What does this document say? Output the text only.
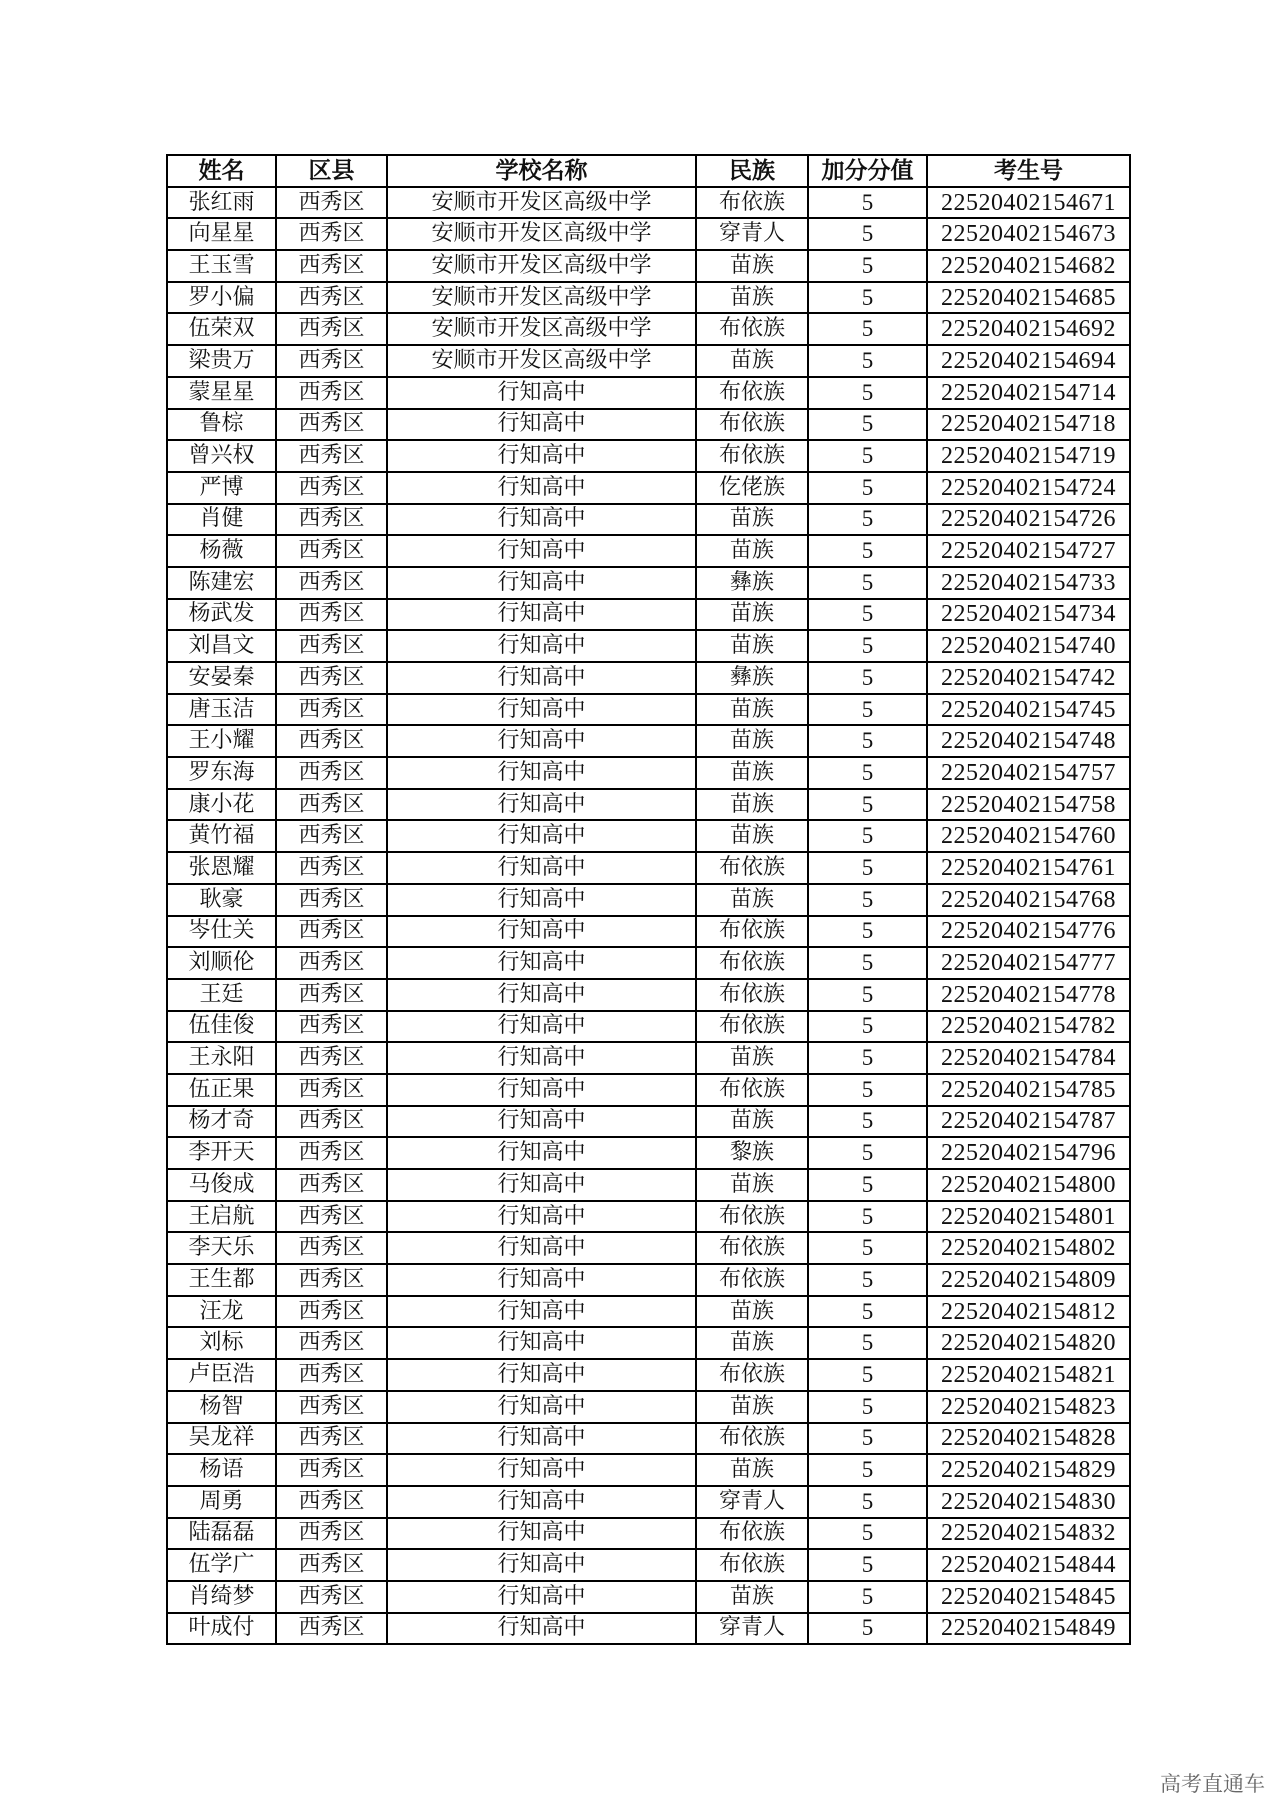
姓名	区县	学校名称	民族	加分分值	考生号
张红雨	西秀区	安顺市开发区高级中学	布依族	5	22520402154671
向星星	西秀区	安顺市开发区高级中学	穿青人	5	22520402154673
王玉雪	西秀区	安顺市开发区高级中学	苗族	5	22520402154682
罗小偏	西秀区	安顺市开发区高级中学	苗族	5	22520402154685
伍荣双	西秀区	安顺市开发区高级中学	布依族	5	22520402154692
梁贵万	西秀区	安顺市开发区高级中学	苗族	5	22520402154694
蒙星星	西秀区	行知高中	布依族	5	22520402154714
鲁棕	西秀区	行知高中	布依族	5	22520402154718
曾兴权	西秀区	行知高中	布依族	5	22520402154719
严博	西秀区	行知高中	仡佬族	5	22520402154724
肖健	西秀区	行知高中	苗族	5	22520402154726
杨薇	西秀区	行知高中	苗族	5	22520402154727
陈建宏	西秀区	行知高中	彝族	5	22520402154733
杨武发	西秀区	行知高中	苗族	5	22520402154734
刘昌文	西秀区	行知高中	苗族	5	22520402154740
安晏秦	西秀区	行知高中	彝族	5	22520402154742
唐玉洁	西秀区	行知高中	苗族	5	22520402154745
王小耀	西秀区	行知高中	苗族	5	22520402154748
罗东海	西秀区	行知高中	苗族	5	22520402154757
康小花	西秀区	行知高中	苗族	5	22520402154758
黄竹福	西秀区	行知高中	苗族	5	22520402154760
张恩耀	西秀区	行知高中	布依族	5	22520402154761
耿豪	西秀区	行知高中	苗族	5	22520402154768
岑仕关	西秀区	行知高中	布依族	5	22520402154776
刘顺伦	西秀区	行知高中	布依族	5	22520402154777
王廷	西秀区	行知高中	布依族	5	22520402154778
伍佳俊	西秀区	行知高中	布依族	5	22520402154782
王永阳	西秀区	行知高中	苗族	5	22520402154784
伍正果	西秀区	行知高中	布依族	5	22520402154785
杨才奇	西秀区	行知高中	苗族	5	22520402154787
李开天	西秀区	行知高中	黎族	5	22520402154796
马俊成	西秀区	行知高中	苗族	5	22520402154800
王启航	西秀区	行知高中	布依族	5	22520402154801
李天乐	西秀区	行知高中	布依族	5	22520402154802
王生都	西秀区	行知高中	布依族	5	22520402154809
汪龙	西秀区	行知高中	苗族	5	22520402154812
刘标	西秀区	行知高中	苗族	5	22520402154820
卢臣浩	西秀区	行知高中	布依族	5	22520402154821
杨智	西秀区	行知高中	苗族	5	22520402154823
吴龙祥	西秀区	行知高中	布依族	5	22520402154828
杨语	西秀区	行知高中	苗族	5	22520402154829
周勇	西秀区	行知高中	穿青人	5	22520402154830
陆磊磊	西秀区	行知高中	布依族	5	22520402154832
伍学广	西秀区	行知高中	布依族	5	22520402154844
肖绮梦	西秀区	行知高中	苗族	5	22520402154845
叶成付	西秀区	行知高中	穿青人	5	22520402154849
高考直通车
